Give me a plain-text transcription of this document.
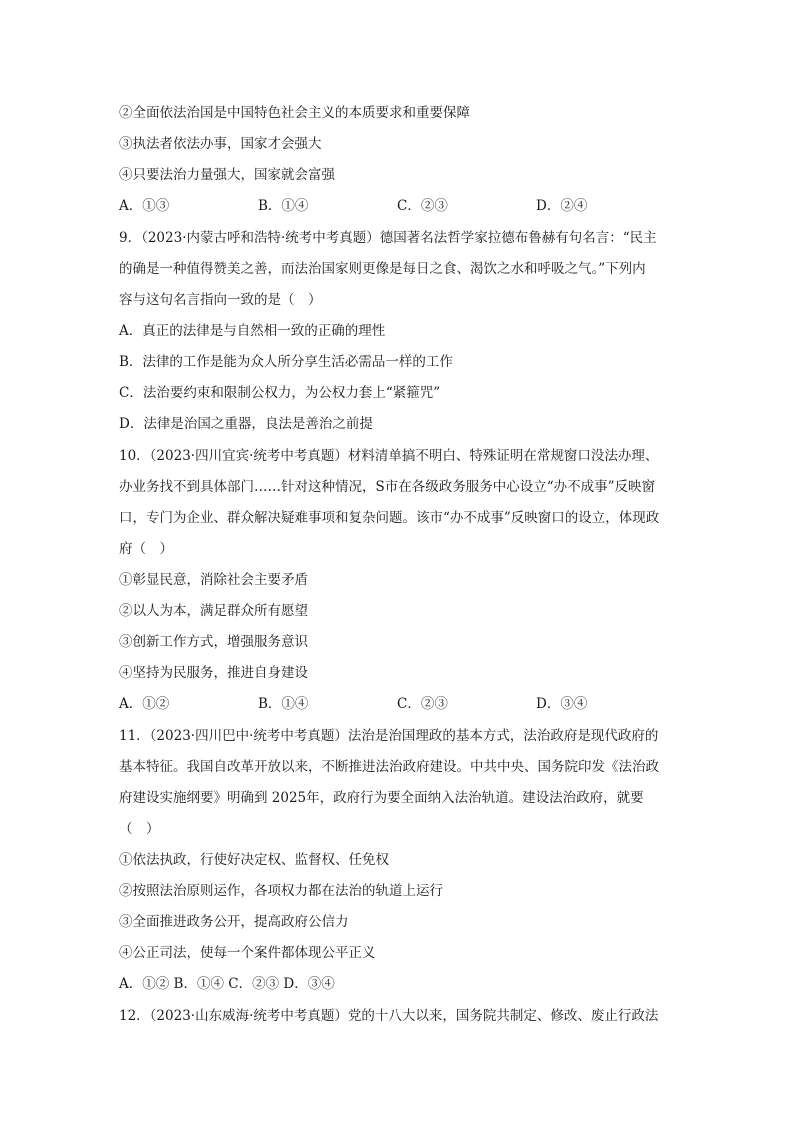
②全面依法治国是中国特色社会主义的本质要求和重要保障
③执法者依法办事，国家才会强大
④只要法治力量强大，国家就会富强
A．①③	B．①④	C．②③	D．②④
9．（2023·内蒙古呼和浩特·统考中考真题）德国著名法哲学家拉德布鲁赫有句名言：“民主
的确是一种值得赞美之善，而法治国家则更像是每日之食、渴饮之水和呼吸之气。”下列内
容与这句名言指向一致的是（　）
A．真正的法律是与自然相一致的正确的理性
B．法律的工作是能为众人所分享生活必需品一样的工作
C．法治要约束和限制公权力，为公权力套上“紧箍咒”
D．法律是治国之重器，良法是善治之前提
10．（2023·四川宜宾·统考中考真题）材料清单搞不明白、特殊证明在常规窗口没法办理、
办业务找不到具体部门……针对这种情况，S市在各级政务服务中心设立“办不成事”反映窗
口，专门为企业、群众解决疑难事项和复杂问题。该市“办不成事”反映窗口的设立，体现政
府（　）
①彰显民意，消除社会主要矛盾
②以人为本，满足群众所有愿望
③创新工作方式，增强服务意识
④坚持为民服务，推进自身建设
A．①②	B．①④	C．②③	D．③④
11．（2023·四川巴中·统考中考真题）法治是治国理政的基本方式，法治政府是现代政府的
基本特征。我国自改革开放以来，不断推进法治政府建设。中共中央、国务院印发《法治政
府建设实施纲要》明确到 2025年，政府行为要全面纳入法治轨道。建设法治政府，就要
（　）
①依法执政，行使好决定权、监督权、任免权
②按照法治原则运作，各项权力都在法治的轨道上运行
③全面推进政务公开，提高政府公信力
④公正司法，使每一个案件都体现公平正义
A．①② B．①④ C．②③ D．③④
12．（2023·山东威海·统考中考真题）党的十八大以来，国务院共制定、修改、废止行政法
